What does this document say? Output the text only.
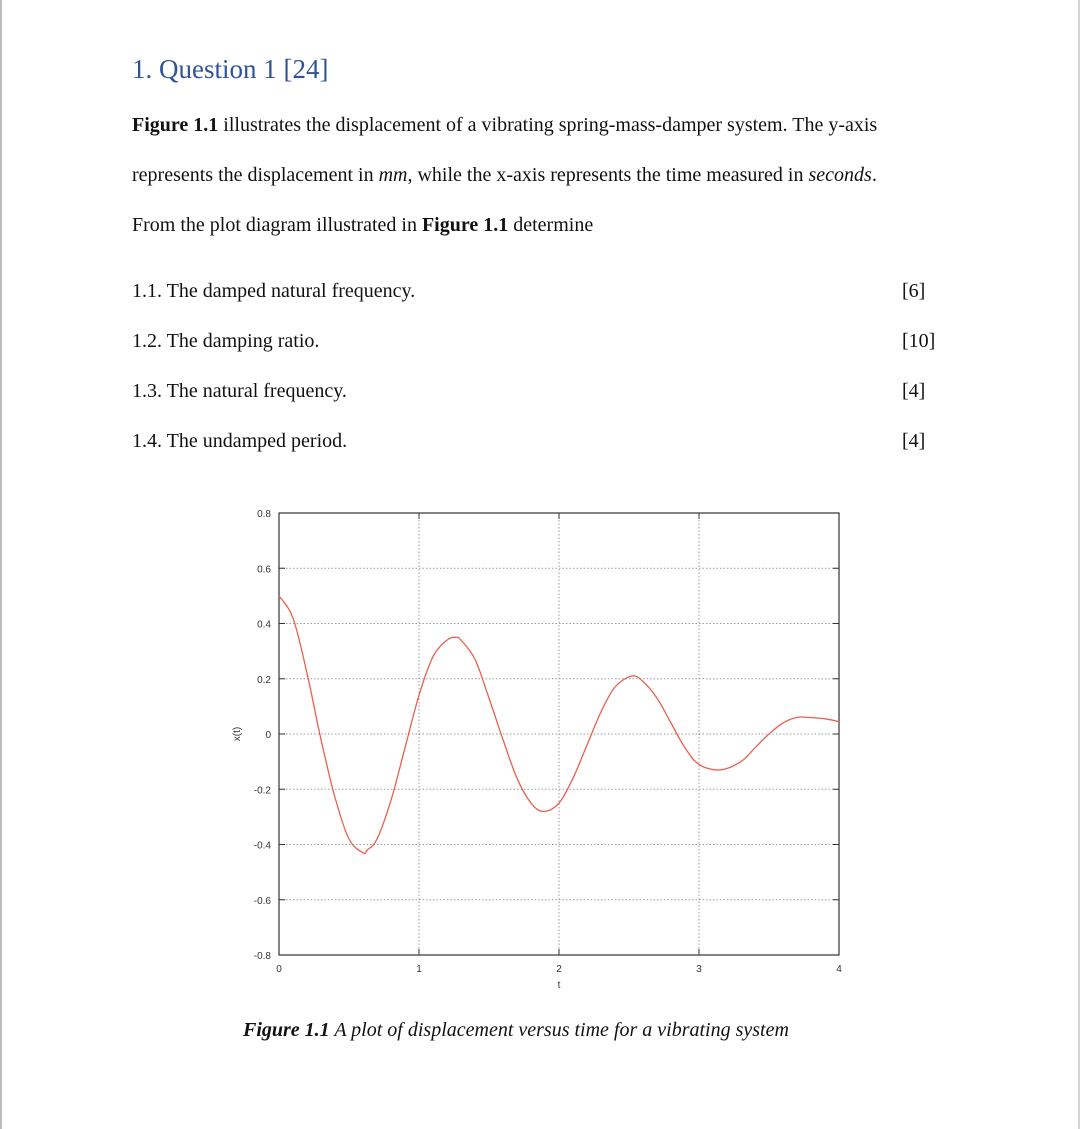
1. Question 1 [24]
Figure 1.1 illustrates the displacement of a vibrating spring-mass-damper system. The y-axis
represents the displacement in mm, while the x-axis represents the time measured in seconds.
From the plot diagram illustrated in Figure 1.1 determine
1.1. The damped natural frequency.	[6]
1.2. The damping ratio.	[10]
1.3. The natural frequency.	[4]
1.4. The undamped period.	[4]
0.8
0.6
0.4
0.2
0
-0.2
-0.4
-0.6
-0.8
0	1	2	3	4
t
x(t)
Figure 1.1 A plot of displacement versus time for a vibrating system
